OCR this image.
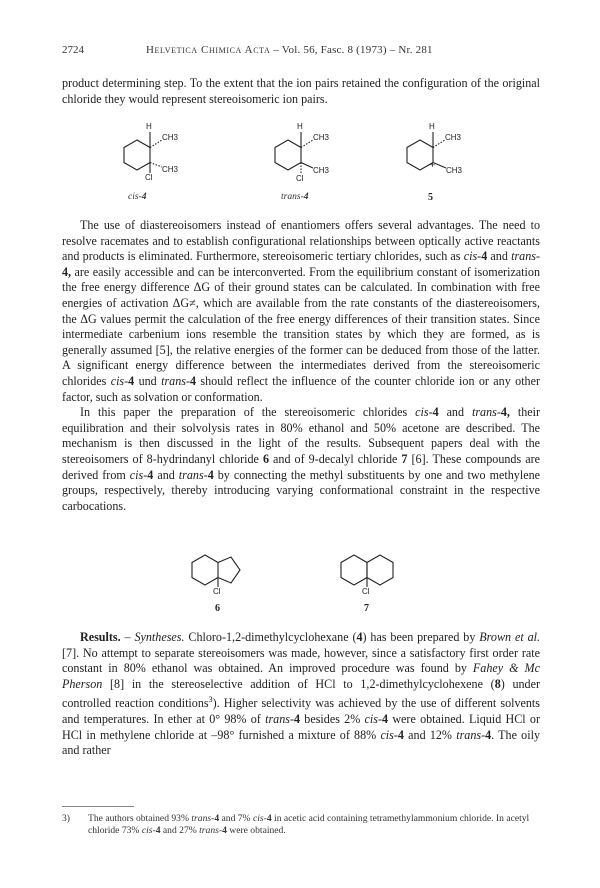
2724	Helvetica Chimica Acta – Vol. 56, Fasc. 8 (1973) – Nr. 281

product determining step. To the extent that the ion pairs retained the configuration of the original chloride they would represent stereoisomeric ion pairs.

H
CH3
CH3
Cl
cis-4
H
CH3
CH3
Cl
trans-4
H
CH3
+
CH3
5

The use of diastereoisomers instead of enantiomers offers several advantages. The need to resolve racemates and to establish configurational relationships between optically active reactants and products is eliminated. Furthermore, stereoisomeric tertiary chlorides, such as cis-4 and trans-4, are easily accessible and can be interconverted. From the equilibrium constant of isomerization the free energy difference ΔG of their ground states can be calculated. In combination with free energies of activation ΔG≠, which are available from the rate constants of the diastereoisomers, the ΔG values permit the calculation of the free energy differences of their transition states. Since intermediate carbenium ions resemble the transition states by which they are formed, as is generally assumed [5], the relative energies of the former can be deduced from those of the latter. A significant energy difference between the intermediates derived from the stereoisomeric chlorides cis-4 und trans-4 should reflect the influence of the counter chloride ion or any other factor, such as solvation or conformation.

In this paper the preparation of the stereoisomeric chlorides cis-4 and trans-4, their equilibration and their solvolysis rates in 80% ethanol and 50% acetone are described. The mechanism is then discussed in the light of the results. Subsequent papers deal with the stereoisomers of 8-hydrindanyl chloride 6 and of 9-decalyl chloride 7 [6]. These compounds are derived from cis-4 and trans-4 by connecting the methyl substituents by one and two methylene groups, respectively, thereby introducing varying conformational constraint in the respective carbocations.

Cl
6
Cl
7

Results. – Syntheses. Chloro-1,2-dimethylcyclohexane (4) has been prepared by Brown et al. [7]. No attempt to separate stereoisomers was made, however, since a satisfactory first order rate constant in 80% ethanol was obtained. An improved procedure was found by Fahey & Mc Pherson [8] in the stereoselective addition of HCl to 1,2-dimethylcyclohexene (8) under controlled reaction conditions$^3$). Higher selectivity was achieved by the use of different solvents and temperatures. In ether at 0° 98% of trans-4 besides 2% cis-4 were obtained. Liquid HCl or HCl in methylene chloride at –98° furnished a mixture of 88% cis-4 and 12% trans-4. The oily and rather

3) The authors obtained 93% trans-4 and 7% cis-4 in acetic acid containing tetramethylammonium chloride. In acetyl chloride 73% cis-4 and 27% trans-4 were obtained.
